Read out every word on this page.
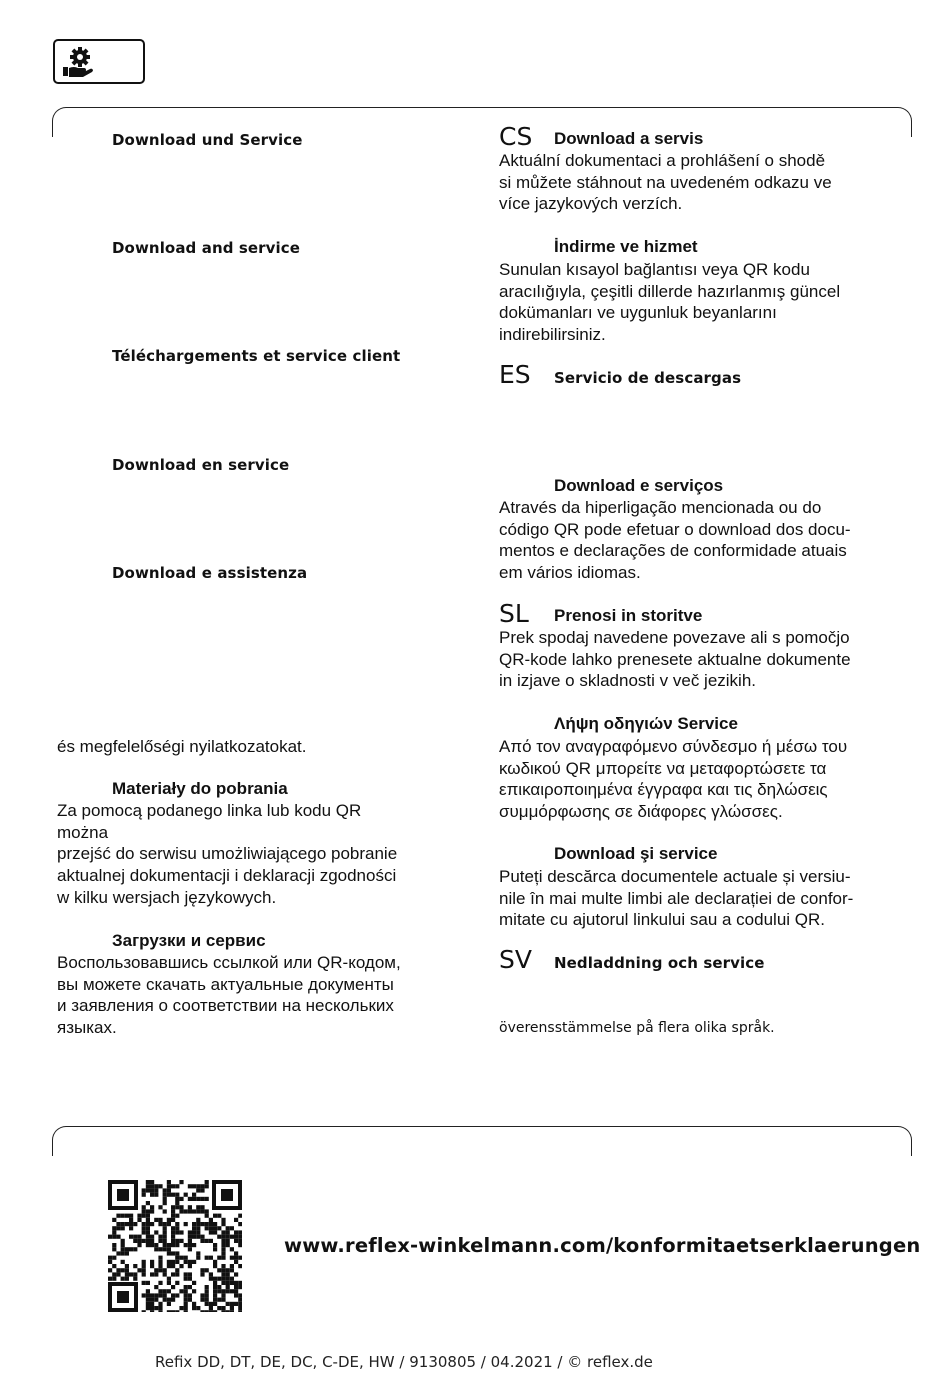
Download und Service
Download and service
Téléchargements et service client
Download en service
Download e assistenza
és megfelelőségi nyilatkozatokat.
Materiały do pobrania
Za pomocą podanego linka lub kodu QR
można
przejść do serwisu umożliwiającego pobranie
aktualnej dokumentacji i deklaracji zgodności
w kilku wersjach językowych.
Загрузки и сервис
Воспользовавшись ссылкой или QR-кодом,
вы можете скачать актуальные документы
и заявления о соответствии на нескольких
языках.
CS Download a servis
Aktuální dokumentaci a prohlášení o shodě
si můžete stáhnout na uvedeném odkazu ve
více jazykových verzích.
İndirme ve hizmet
Sunulan kısayol bağlantısı veya QR kodu
aracılığıyla, çeşitli dillerde hazırlanmış güncel
dokümanları ve uygunluk beyanlarını
indirebilirsiniz.
ES Servicio de descargas
Download e serviços
Através da hiperligação mencionada ou do
código QR pode efetuar o download dos docu-
mentos e declarações de conformidade atuais
em vários idiomas.
SL Prenosi in storitve
Prek spodaj navedene povezave ali s pomočjo
QR-kode lahko prenesete aktualne dokumente
in izjave o skladnosti v več jezikih.
Λήψη οδηγιών Service
Από τον αναγραφόμενο σύνδεσμο ή μέσω του
κωδικού QR μπορείτε να μεταφορτώσετε τα
επικαιροποιημένα έγγραφα και τις δηλώσεις
συμμόρφωσης σε διάφορες γλώσσες.
Download şi service
Puteți descărca documentele actuale și versiu-
nile în mai multe limbi ale declarației de confor-
mitate cu ajutorul linkului sau a codului QR.
SV Nedladdning och service
överensstämmelse på flera olika språk.
www.reflex-winkelmann.com/konformitaetserklaerungen
Refix DD, DT, DE, DC, C-DE, HW / 9130805 / 04.2021 / © reflex.de
